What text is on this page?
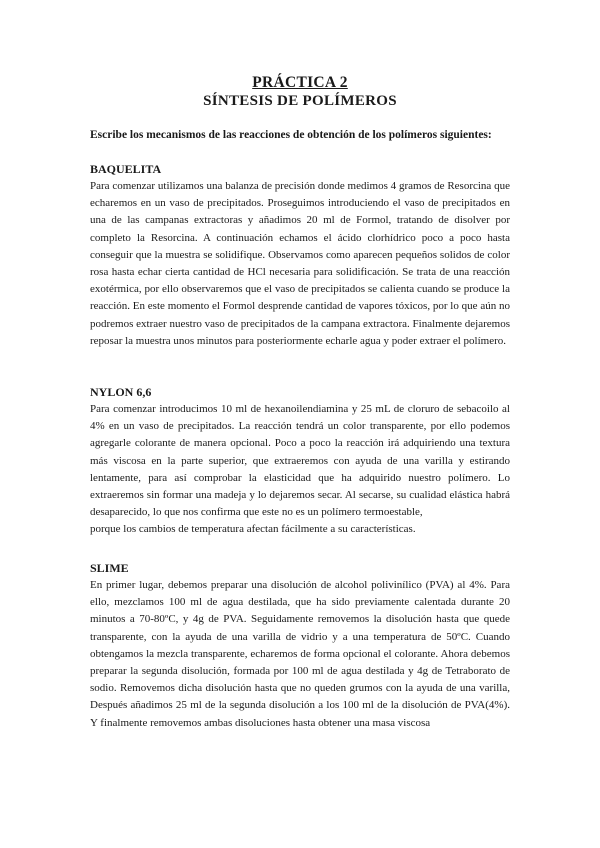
PRÁCTICA 2
SÍNTESIS DE POLÍMEROS
Escribe los mecanismos de las reacciones de obtención de los polímeros siguientes:
BAQUELITA
Para comenzar utilizamos una balanza de precisión donde medimos 4 gramos de Resorcina que echaremos en un vaso de precipitados. Proseguimos introduciendo el vaso de precipitados en una de las campanas extractoras y añadimos 20 ml de Formol, tratando de disolver por completo la Resorcina. A continuación echamos el ácido clorhídrico poco a poco hasta conseguir que la muestra se solidifique. Observamos como aparecen pequeños solidos de color rosa hasta echar cierta cantidad de HCl necesaria para solidificación. Se trata de una reacción exotérmica, por ello observaremos que el vaso de precipitados se calienta cuando se produce la reacción. En este momento el Formol desprende cantidad de vapores tóxicos, por lo que aún no podremos extraer nuestro vaso de precipitados de la campana extractora. Finalmente dejaremos reposar la muestra unos minutos para posteriormente echarle agua y poder extraer el polímero.
NYLON 6,6
Para comenzar introducimos 10 ml de hexanoilendiamina y 25 mL de cloruro de sebacoilo al 4% en un vaso de precipitados. La reacción tendrá un color transparente, por ello podemos agregarle colorante de manera opcional. Poco a poco la reacción irá adquiriendo una textura más viscosa en la parte superior, que extraeremos con ayuda de una varilla y estirando lentamente, para así comprobar la elasticidad que ha adquirido nuestro polímero. Lo extraeremos sin formar una madeja y lo dejaremos secar. Al secarse, su cualidad elástica habrá desaparecido, lo que nos confirma que este no es un polímero termoestable,
porque los cambios de temperatura afectan fácilmente a su características.
SLIME
En primer lugar, debemos preparar una disolución de alcohol polivinílico (PVA) al 4%. Para ello, mezclamos 100 ml de agua destilada, que ha sido previamente calentada durante 20 minutos a 70-80ºC, y 4g de PVA. Seguidamente removemos la disolución hasta que quede transparente, con la ayuda de una varilla de vidrio y a una temperatura de 50ºC. Cuando obtengamos la mezcla transparente, echaremos de forma opcional el colorante. Ahora debemos preparar la segunda disolución, formada por 100 ml de agua destilada y 4g de Tetraborato de sodio. Removemos dicha disolución hasta que no queden grumos con la ayuda de una varilla, Después añadimos 25 ml de la segunda disolución a los 100 ml de la disolución de PVA(4%). Y finalmente removemos ambas disoluciones hasta obtener una masa viscosa
